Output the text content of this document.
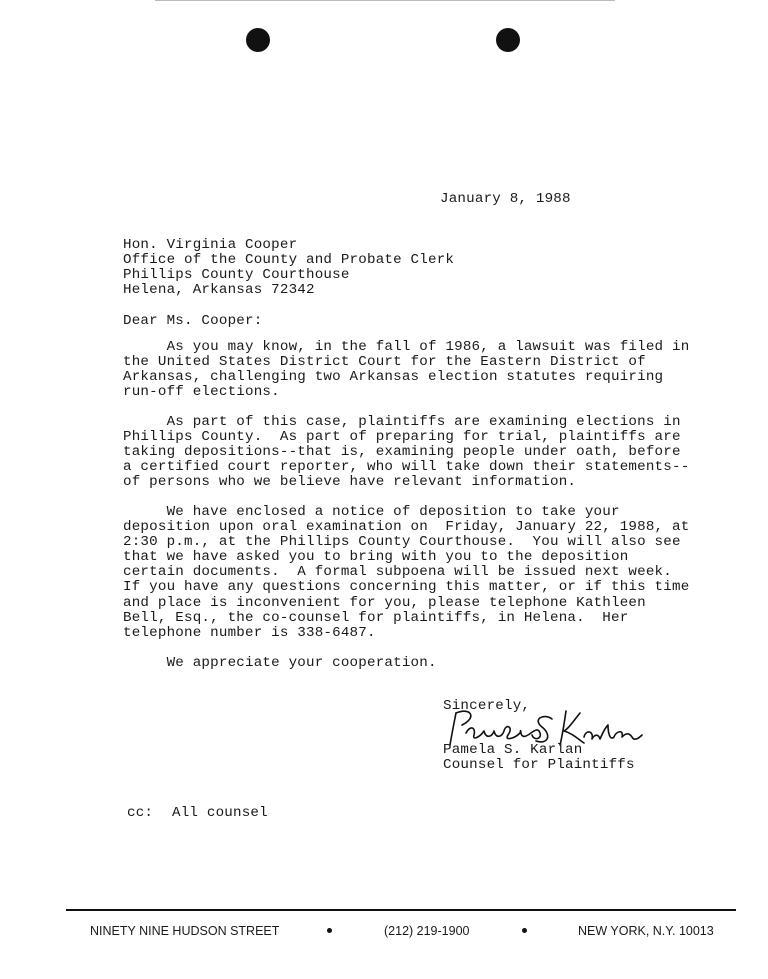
January 8, 1988
Hon. Virginia Cooper
Office of the County and Probate Clerk
Phillips County Courthouse
Helena, Arkansas 72342
Dear Ms. Cooper:
As you may know, in the fall of 1986, a lawsuit was filed in
the United States District Court for the Eastern District of
Arkansas, challenging two Arkansas election statutes requiring
run-off elections.
As part of this case, plaintiffs are examining elections in
Phillips County.  As part of preparing for trial, plaintiffs are
taking depositions--that is, examining people under oath, before
a certified court reporter, who will take down their statements--
of persons who we believe have relevant information.
We have enclosed a notice of deposition to take your
deposition upon oral examination on  Friday, January 22, 1988, at
2:30 p.m., at the Phillips County Courthouse.  You will also see
that we have asked you to bring with you to the deposition
certain documents.  A formal subpoena will be issued next week.
If you have any questions concerning this matter, or if this time
and place is inconvenient for you, please telephone Kathleen
Bell, Esq., the co-counsel for plaintiffs, in Helena.  Her
telephone number is 338-6487.
We appreciate your cooperation.
Sincerely,
Pamela S. Karlan
Counsel for Plaintiffs
cc: All counsel
NINETY NINE HUDSON STREET	(212) 219-1900	NEW YORK, N.Y. 10013
